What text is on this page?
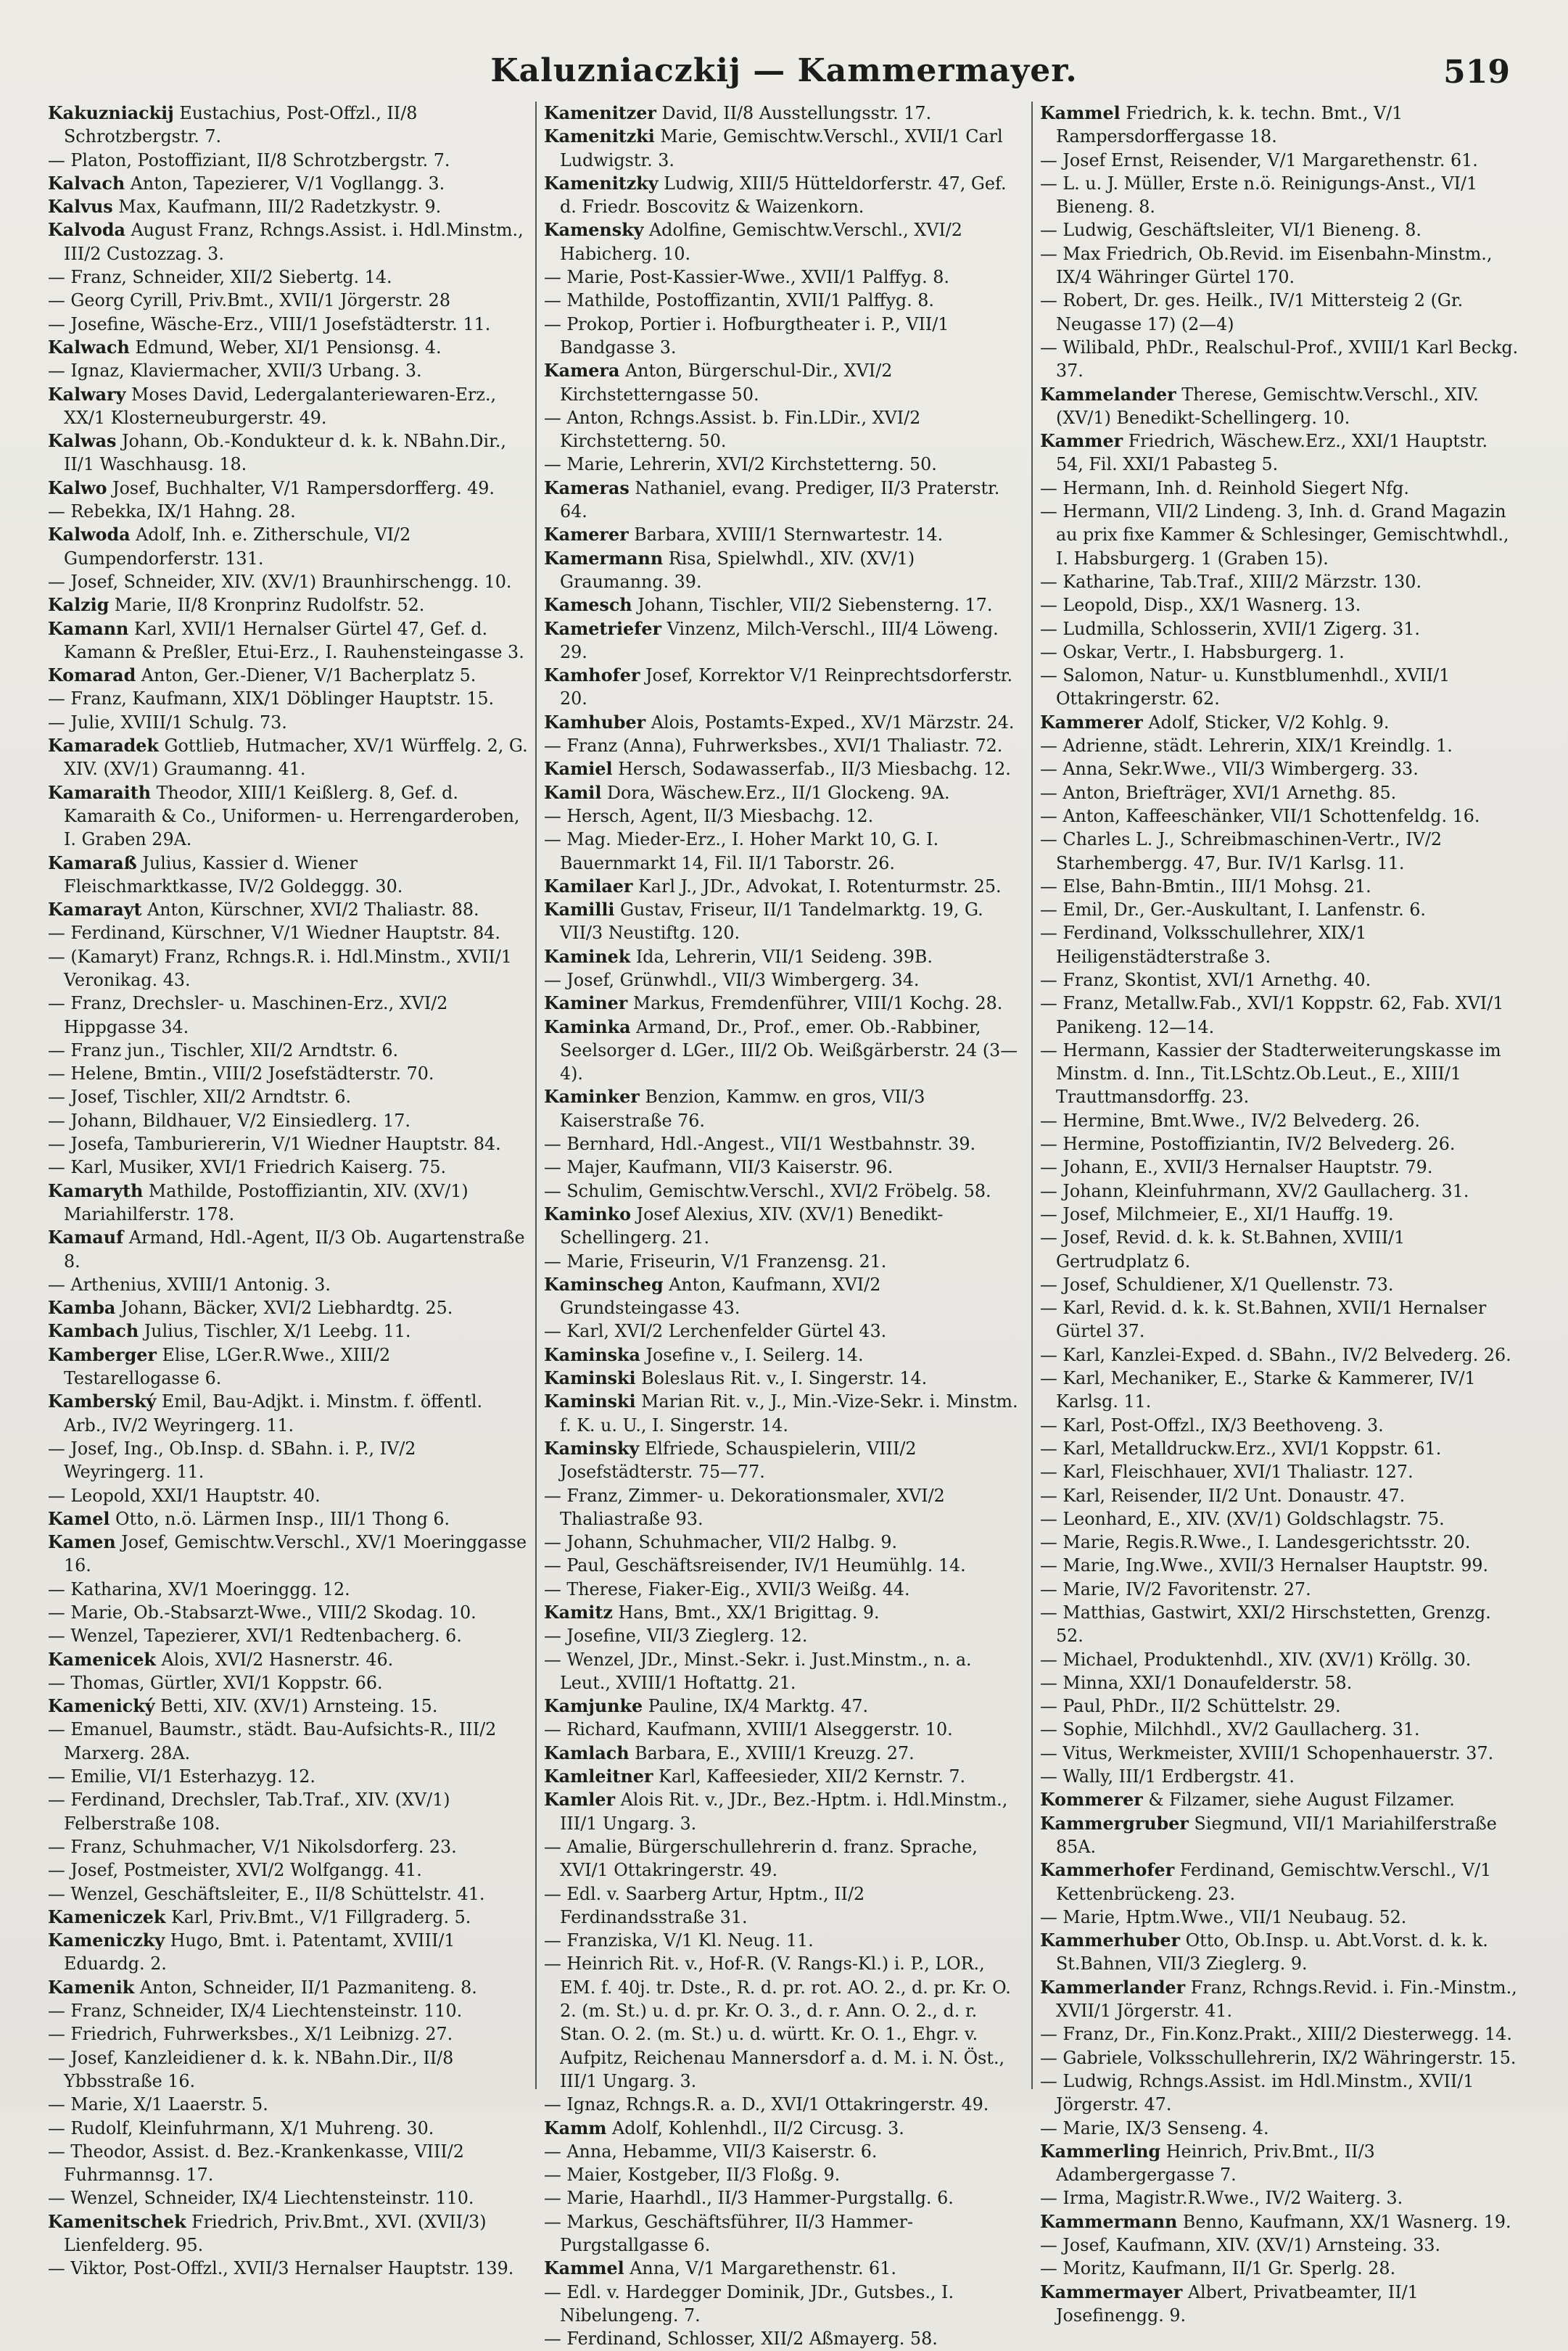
Kaluzniaczkij — Kammermayer.	519
Kakuzniackij Eustachius, Post-Offzl., II/8 Schrotzbergstr. 7.
— Platon, Postoffiziant, II/8 Schrotzbergstr. 7.
Kalvach Anton, Tapezierer, V/1 Vogllangg. 3.
Kalvus Max, Kaufmann, III/2 Radetzkystr. 9.
Kalvoda August Franz, Rchngs.Assist. i. Hdl.Minstm., III/2 Custozzag. 3.
— Franz, Schneider, XII/2 Siebertg. 14.
— Georg Cyrill, Priv.Bmt., XVII/1 Jörgerstr. 28
— Josefine, Wäsche-Erz., VIII/1 Josefstädterstr. 11.
Kalwach Edmund, Weber, XI/1 Pensionsg. 4.
— Ignaz, Klaviermacher, XVII/3 Urbang. 3.
Kalwary Moses David, Ledergalanteriewaren-Erz., XX/1 Klosterneuburgerstr. 49.
Kalwas Johann, Ob.-Kondukteur d. k. k. NBahn.Dir., II/1 Waschhausg. 18.
Kalwo Josef, Buchhalter, V/1 Rampersdorfferg. 49.
— Rebekka, IX/1 Hahng. 28.
Kalwoda Adolf, Inh. e. Zitherschule, VI/2 Gumpendorferstr. 131.
— Josef, Schneider, XIV. (XV/1) Braunhirschengg. 10.
Kalzig Marie, II/8 Kronprinz Rudolfstr. 52.
Kamann Karl, XVII/1 Hernalser Gürtel 47, Gef. d. Kamann & Preßler, Etui-Erz., I. Rauhensteingasse 3.
Komarad Anton, Ger.-Diener, V/1 Bacherplatz 5.
— Franz, Kaufmann, XIX/1 Döblinger Hauptstr. 15.
— Julie, XVIII/1 Schulg. 73.
Kamaradek Gottlieb, Hutmacher, XV/1 Würffelg. 2, G. XIV. (XV/1) Graumanng. 41.
Kamaraith Theodor, XIII/1 Keißlerg. 8, Gef. d. Kamaraith & Co., Uniformen- u. Herrengarderoben, I. Graben 29A.
Kamaraß Julius, Kassier d. Wiener Fleischmarktkasse, IV/2 Goldeggg. 30.
Kamarayt Anton, Kürschner, XVI/2 Thaliastr. 88.
— Ferdinand, Kürschner, V/1 Wiedner Hauptstr. 84.
— (Kamaryt) Franz, Rchngs.R. i. Hdl.Minstm., XVII/1 Veronikag. 43.
— Franz, Drechsler- u. Maschinen-Erz., XVI/2 Hippgasse 34.
— Franz jun., Tischler, XII/2 Arndtstr. 6.
— Helene, Bmtin., VIII/2 Josefstädterstr. 70.
— Josef, Tischler, XII/2 Arndtstr. 6.
— Johann, Bildhauer, V/2 Einsiedlerg. 17.
— Josefa, Tamburiererin, V/1 Wiedner Hauptstr. 84.
— Karl, Musiker, XVI/1 Friedrich Kaiserg. 75.
Kamaryth Mathilde, Postoffiziantin, XIV. (XV/1) Mariahilferstr. 178.
Kamauf Armand, Hdl.-Agent, II/3 Ob. Augartenstraße 8.
— Arthenius, XVIII/1 Antonig. 3.
Kamba Johann, Bäcker, XVI/2 Liebhardtg. 25.
Kambach Julius, Tischler, X/1 Leebg. 11.
Kamberger Elise, LGer.R.Wwe., XIII/2 Testarellogasse 6.
Kamberský Emil, Bau-Adjkt. i. Minstm. f. öffentl. Arb., IV/2 Weyringerg. 11.
— Josef, Ing., Ob.Insp. d. SBahn. i. P., IV/2 Weyringerg. 11.
— Leopold, XXI/1 Hauptstr. 40.
Kamel Otto, n.ö. Lärmen Insp., III/1 Thong 6.
Kamen Josef, Gemischtw.Verschl., XV/1 Moeringgasse 16.
— Katharina, XV/1 Moeringgg. 12.
— Marie, Ob.-Stabsarzt-Wwe., VIII/2 Skodag. 10.
— Wenzel, Tapezierer, XVI/1 Redtenbacherg. 6.
Kamenicek Alois, XVI/2 Hasnerstr. 46.
— Thomas, Gürtler, XVI/1 Koppstr. 66.
Kamenický Betti, XIV. (XV/1) Arnsteing. 15.
— Emanuel, Baumstr., städt. Bau-Aufsichts-R., III/2 Marxerg. 28A.
— Emilie, VI/1 Esterhazyg. 12.
— Ferdinand, Drechsler, Tab.Traf., XIV. (XV/1) Felberstraße 108.
— Franz, Schuhmacher, V/1 Nikolsdorferg. 23.
— Josef, Postmeister, XVI/2 Wolfgangg. 41.
— Wenzel, Geschäftsleiter, E., II/8 Schüttelstr. 41.
Kameniczek Karl, Priv.Bmt., V/1 Fillgraderg. 5.
Kameniczky Hugo, Bmt. i. Patentamt, XVIII/1 Eduardg. 2.
Kamenik Anton, Schneider, II/1 Pazmaniteng. 8.
— Franz, Schneider, IX/4 Liechtensteinstr. 110.
— Friedrich, Fuhrwerksbes., X/1 Leibnizg. 27.
— Josef, Kanzleidiener d. k. k. NBahn.Dir., II/8 Ybbsstraße 16.
— Marie, X/1 Laaerstr. 5.
— Rudolf, Kleinfuhrmann, X/1 Muhreng. 30.
— Theodor, Assist. d. Bez.-Krankenkasse, VIII/2 Fuhrmannsg. 17.
— Wenzel, Schneider, IX/4 Liechtensteinstr. 110.
Kamenitschek Friedrich, Priv.Bmt., XVI. (XVII/3) Lienfelderg. 95.
— Viktor, Post-Offzl., XVII/3 Hernalser Hauptstr. 139.
Kamenitzer David, II/8 Ausstellungsstr. 17.
Kamenitzki Marie, Gemischtw.Verschl., XVII/1 Carl Ludwigstr. 3.
Kamenitzky Ludwig, XIII/5 Hütteldorferstr. 47, Gef. d. Friedr. Boscovitz & Waizenkorn.
Kamensky Adolfine, Gemischtw.Verschl., XVI/2 Habicherg. 10.
— Marie, Post-Kassier-Wwe., XVII/1 Palffyg. 8.
— Mathilde, Postoffizantin, XVII/1 Palffyg. 8.
— Prokop, Portier i. Hofburgtheater i. P., VII/1 Bandgasse 3.
Kamera Anton, Bürgerschul-Dir., XVI/2 Kirchstetterngasse 50.
— Anton, Rchngs.Assist. b. Fin.LDir., XVI/2 Kirchstetterng. 50.
— Marie, Lehrerin, XVI/2 Kirchstetterng. 50.
Kameras Nathaniel, evang. Prediger, II/3 Praterstr. 64.
Kamerer Barbara, XVIII/1 Sternwartestr. 14.
Kamermann Risa, Spielwhdl., XIV. (XV/1) Graumanng. 39.
Kamesch Johann, Tischler, VII/2 Siebensterng. 17.
Kametriefer Vinzenz, Milch-Verschl., III/4 Löweng. 29.
Kamhofer Josef, Korrektor V/1 Reinprechtsdorferstr. 20.
Kamhuber Alois, Postamts-Exped., XV/1 Märzstr. 24.
— Franz (Anna), Fuhrwerksbes., XVI/1 Thaliastr. 72.
Kamiel Hersch, Sodawasserfab., II/3 Miesbachg. 12.
Kamil Dora, Wäschew.Erz., II/1 Glockeng. 9A.
— Hersch, Agent, II/3 Miesbachg. 12.
— Mag. Mieder-Erz., I. Hoher Markt 10, G. I. Bauernmarkt 14, Fil. II/1 Taborstr. 26.
Kamilaer Karl J., JDr., Advokat, I. Rotenturmstr. 25.
Kamilli Gustav, Friseur, II/1 Tandelmarktg. 19, G. VII/3 Neustiftg. 120.
Kaminek Ida, Lehrerin, VII/1 Seideng. 39B.
— Josef, Grünwhdl., VII/3 Wimbergerg. 34.
Kaminer Markus, Fremdenführer, VIII/1 Kochg. 28.
Kaminka Armand, Dr., Prof., emer. Ob.-Rabbiner, Seelsorger d. LGer., III/2 Ob. Weißgärberstr. 24 (3—4).
Kaminker Benzion, Kammw. en gros, VII/3 Kaiserstraße 76.
— Bernhard, Hdl.-Angest., VII/1 Westbahnstr. 39.
— Majer, Kaufmann, VII/3 Kaiserstr. 96.
— Schulim, Gemischtw.Verschl., XVI/2 Fröbelg. 58.
Kaminko Josef Alexius, XIV. (XV/1) Benedikt-Schellingerg. 21.
— Marie, Friseurin, V/1 Franzensg. 21.
Kaminscheg Anton, Kaufmann, XVI/2 Grundsteingasse 43.
— Karl, XVI/2 Lerchenfelder Gürtel 43.
Kaminska Josefine v., I. Seilerg. 14.
Kaminski Boleslaus Rit. v., I. Singerstr. 14.
Kaminski Marian Rit. v., J., Min.-Vize-Sekr. i. Minstm. f. K. u. U., I. Singerstr. 14.
Kaminsky Elfriede, Schauspielerin, VIII/2 Josefstädterstr. 75—77.
— Franz, Zimmer- u. Dekorationsmaler, XVI/2 Thaliastraße 93.
— Johann, Schuhmacher, VII/2 Halbg. 9.
— Paul, Geschäftsreisender, IV/1 Heumühlg. 14.
— Therese, Fiaker-Eig., XVII/3 Weißg. 44.
Kamitz Hans, Bmt., XX/1 Brigittag. 9.
— Josefine, VII/3 Zieglerg. 12.
— Wenzel, JDr., Minst.-Sekr. i. Just.Minstm., n. a. Leut., XVIII/1 Hoftattg. 21.
Kamjunke Pauline, IX/4 Marktg. 47.
— Richard, Kaufmann, XVIII/1 Alseggerstr. 10.
Kamlach Barbara, E., XVIII/1 Kreuzg. 27.
Kamleitner Karl, Kaffeesieder, XII/2 Kernstr. 7.
Kamler Alois Rit. v., JDr., Bez.-Hptm. i. Hdl.Minstm., III/1 Ungarg. 3.
— Amalie, Bürgerschullehrerin d. franz. Sprache, XVI/1 Ottakringerstr. 49.
— Edl. v. Saarberg Artur, Hptm., II/2 Ferdinandsstraße 31.
— Franziska, V/1 Kl. Neug. 11.
— Heinrich Rit. v., Hof-R. (V. Rangs-Kl.) i. P., LOR., EM. f. 40j. tr. Dste., R. d. pr. rot. AO. 2., d. pr. Kr. O. 2. (m. St.) u. d. pr. Kr. O. 3., d. r. Ann. O. 2., d. r. Stan. O. 2. (m. St.) u. d. württ. Kr. O. 1., Ehgr. v. Aufpitz, Reichenau Mannersdorf a. d. M. i. N. Öst., III/1 Ungarg. 3.
— Ignaz, Rchngs.R. a. D., XVI/1 Ottakringerstr. 49.
Kamm Adolf, Kohlenhdl., II/2 Circusg. 3.
— Anna, Hebamme, VII/3 Kaiserstr. 6.
— Maier, Kostgeber, II/3 Floßg. 9.
— Marie, Haarhdl., II/3 Hammer-Purgstallg. 6.
— Markus, Geschäftsführer, II/3 Hammer-Purgstallgasse 6.
Kammel Anna, V/1 Margarethenstr. 61.
— Edl. v. Hardegger Dominik, JDr., Gutsbes., I. Nibelungeng. 7.
— Ferdinand, Schlosser, XII/2 Aßmayerg. 58.
Kammel Friedrich, k. k. techn. Bmt., V/1 Rampersdorffergasse 18.
— Josef Ernst, Reisender, V/1 Margarethenstr. 61.
— L. u. J. Müller, Erste n.ö. Reinigungs-Anst., VI/1 Bieneng. 8.
— Ludwig, Geschäftsleiter, VI/1 Bieneng. 8.
— Max Friedrich, Ob.Revid. im Eisenbahn-Minstm., IX/4 Währinger Gürtel 170.
— Robert, Dr. ges. Heilk., IV/1 Mittersteig 2 (Gr. Neugasse 17) (2—4)
— Wilibald, PhDr., Realschul-Prof., XVIII/1 Karl Beckg. 37.
Kammelander Therese, Gemischtw.Verschl., XIV. (XV/1) Benedikt-Schellingerg. 10.
Kammer Friedrich, Wäschew.Erz., XXI/1 Hauptstr. 54, Fil. XXI/1 Pabasteg 5.
— Hermann, Inh. d. Reinhold Siegert Nfg.
— Hermann, VII/2 Lindeng. 3, Inh. d. Grand Magazin au prix fixe Kammer & Schlesinger, Gemischtwhdl., I. Habsburgerg. 1 (Graben 15).
— Katharine, Tab.Traf., XIII/2 Märzstr. 130.
— Leopold, Disp., XX/1 Wasnerg. 13.
— Ludmilla, Schlosserin, XVII/1 Zigerg. 31.
— Oskar, Vertr., I. Habsburgerg. 1.
— Salomon, Natur- u. Kunstblumenhdl., XVII/1 Ottakringerstr. 62.
Kammerer Adolf, Sticker, V/2 Kohlg. 9.
— Adrienne, städt. Lehrerin, XIX/1 Kreindlg. 1.
— Anna, Sekr.Wwe., VII/3 Wimbergerg. 33.
— Anton, Briefträger, XVI/1 Arnethg. 85.
— Anton, Kaffeeschänker, VII/1 Schottenfeldg. 16.
— Charles L. J., Schreibmaschinen-Vertr., IV/2 Starhembergg. 47, Bur. IV/1 Karlsg. 11.
— Else, Bahn-Bmtin., III/1 Mohsg. 21.
— Emil, Dr., Ger.-Auskultant, I. Lanfenstr. 6.
— Ferdinand, Volksschullehrer, XIX/1 Heiligenstädterstraße 3.
— Franz, Skontist, XVI/1 Arnethg. 40.
— Franz, Metallw.Fab., XVI/1 Koppstr. 62, Fab. XVI/1 Panikeng. 12—14.
— Hermann, Kassier der Stadterweiterungskasse im Minstm. d. Inn., Tit.LSchtz.Ob.Leut., E., XIII/1 Trauttmansdorffg. 23.
— Hermine, Bmt.Wwe., IV/2 Belvederg. 26.
— Hermine, Postoffiziantin, IV/2 Belvederg. 26.
— Johann, E., XVII/3 Hernalser Hauptstr. 79.
— Johann, Kleinfuhrmann, XV/2 Gaullacherg. 31.
— Josef, Milchmeier, E., XI/1 Hauffg. 19.
— Josef, Revid. d. k. k. St.Bahnen, XVIII/1 Gertrudplatz 6.
— Josef, Schuldiener, X/1 Quellenstr. 73.
— Karl, Revid. d. k. k. St.Bahnen, XVII/1 Hernalser Gürtel 37.
— Karl, Kanzlei-Exped. d. SBahn., IV/2 Belvederg. 26.
— Karl, Mechaniker, E., Starke & Kammerer, IV/1 Karlsg. 11.
— Karl, Post-Offzl., IX/3 Beethoveng. 3.
— Karl, Metalldruckw.Erz., XVI/1 Koppstr. 61.
— Karl, Fleischhauer, XVI/1 Thaliastr. 127.
— Karl, Reisender, II/2 Unt. Donaustr. 47.
— Leonhard, E., XIV. (XV/1) Goldschlagstr. 75.
— Marie, Regis.R.Wwe., I. Landesgerichtsstr. 20.
— Marie, Ing.Wwe., XVII/3 Hernalser Hauptstr. 99.
— Marie, IV/2 Favoritenstr. 27.
— Matthias, Gastwirt, XXI/2 Hirschstetten, Grenzg. 52.
— Michael, Produktenhdl., XIV. (XV/1) Kröllg. 30.
— Minna, XXI/1 Donaufelderstr. 58.
— Paul, PhDr., II/2 Schüttelstr. 29.
— Sophie, Milchhdl., XV/2 Gaullacherg. 31.
— Vitus, Werkmeister, XVIII/1 Schopenhauerstr. 37.
— Wally, III/1 Erdbergstr. 41.
Kommerer & Filzamer, siehe August Filzamer.
Kammergruber Siegmund, VII/1 Mariahilferstraße 85A.
Kammerhofer Ferdinand, Gemischtw.Verschl., V/1 Kettenbrückeng. 23.
— Marie, Hptm.Wwe., VII/1 Neubaug. 52.
Kammerhuber Otto, Ob.Insp. u. Abt.Vorst. d. k. k. St.Bahnen, VII/3 Zieglerg. 9.
Kammerlander Franz, Rchngs.Revid. i. Fin.-Minstm., XVII/1 Jörgerstr. 41.
— Franz, Dr., Fin.Konz.Prakt., XIII/2 Diesterwegg. 14.
— Gabriele, Volksschullehrerin, IX/2 Währingerstr. 15.
— Ludwig, Rchngs.Assist. im Hdl.Minstm., XVII/1 Jörgerstr. 47.
— Marie, IX/3 Senseng. 4.
Kammerling Heinrich, Priv.Bmt., II/3 Adambergergasse 7.
— Irma, Magistr.R.Wwe., IV/2 Waiterg. 3.
Kammermann Benno, Kaufmann, XX/1 Wasnerg. 19.
— Josef, Kaufmann, XIV. (XV/1) Arnsteing. 33.
— Moritz, Kaufmann, II/1 Gr. Sperlg. 28.
Kammermayer Albert, Privatbeamter, II/1 Josefinengg. 9.
